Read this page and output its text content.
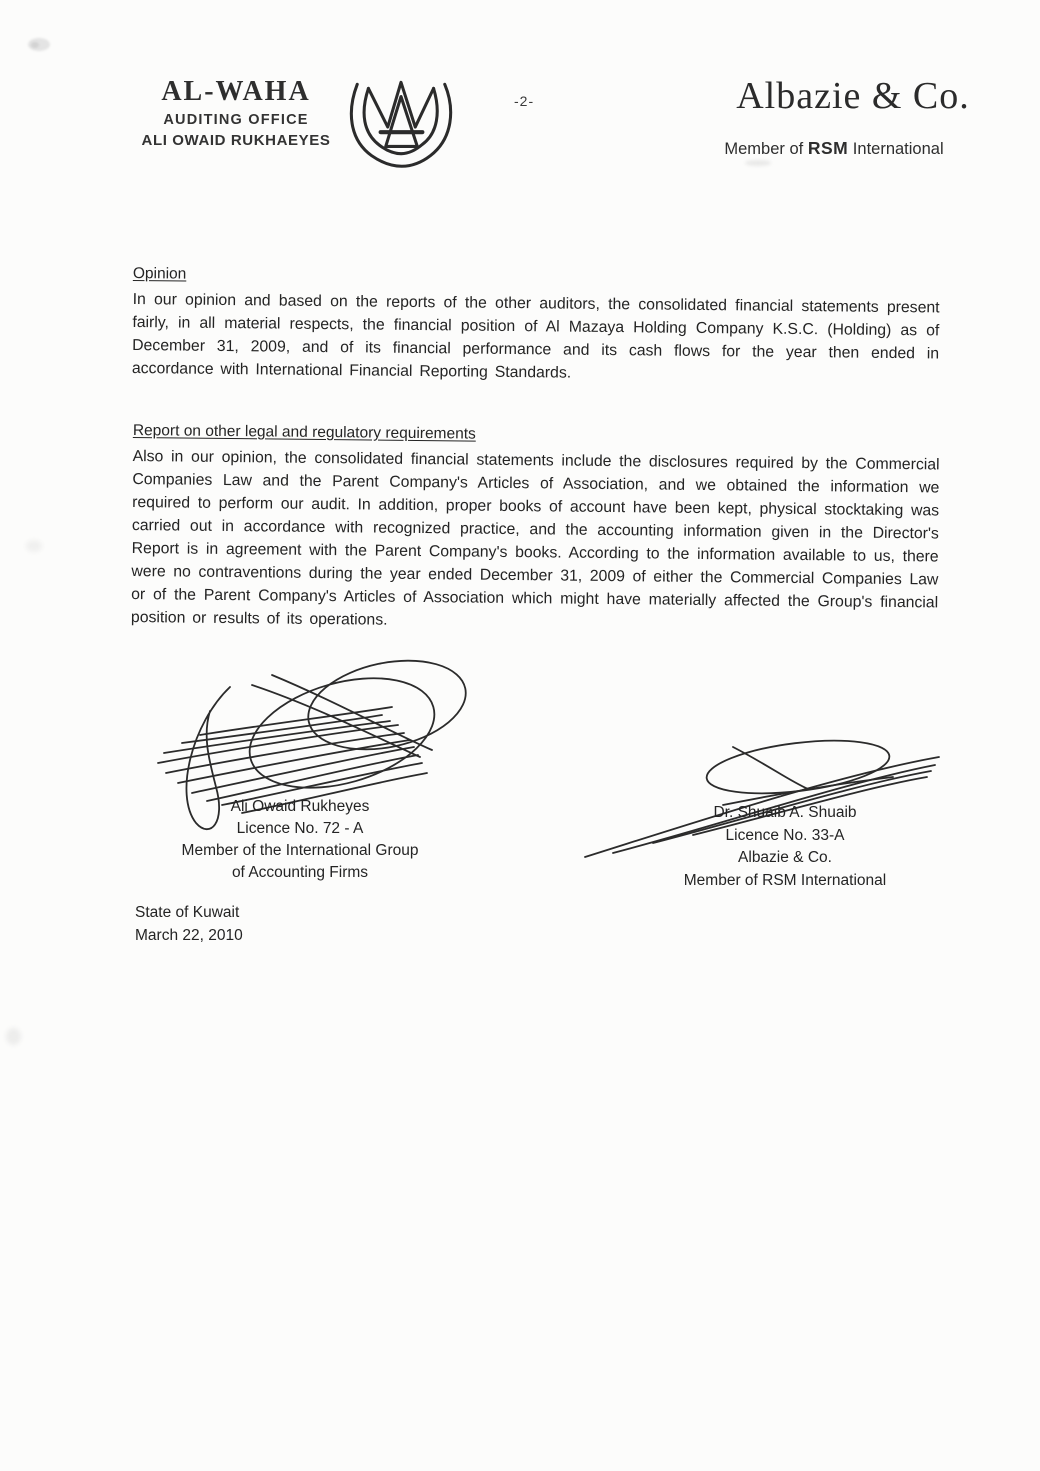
AL-WAHA
AUDITING OFFICE
ALI OWAID RUKHAEYES
-2-	Albazie & Co.
Member of RSM International
Opinion
In our opinion and based on the reports of the other auditors, the consolidated financial statements present fairly, in all material respects, the financial position of Al Mazaya Holding Company K.S.C. (Holding) as of December 31, 2009, and of its financial performance and its cash flows for the year then ended in accordance with International Financial Reporting Standards.
Report on other legal and regulatory requirements
Also in our opinion, the consolidated financial statements include the disclosures required by the Commercial Companies Law and the Parent Company's Articles of Association, and we obtained the information we required to perform our audit. In addition, proper books of account have been kept, physical stocktaking was carried out in accordance with recognized practice, and the accounting information given in the Director's Report is in agreement with the Parent Company's books. According to the information available to us, there were no contraventions during the year ended December 31, 2009 of either the Commercial Companies Law or of the Parent Company's Articles of Association which might have materially affected the Group's financial position or results of its operations.
Ali Owaid Rukheyes
Licence No. 72 - A
Member of the International Group
of Accounting Firms
Dr. Shuaib A. Shuaib
Licence No. 33-A
Albazie & Co.
Member of RSM International
State of Kuwait
March 22, 2010
